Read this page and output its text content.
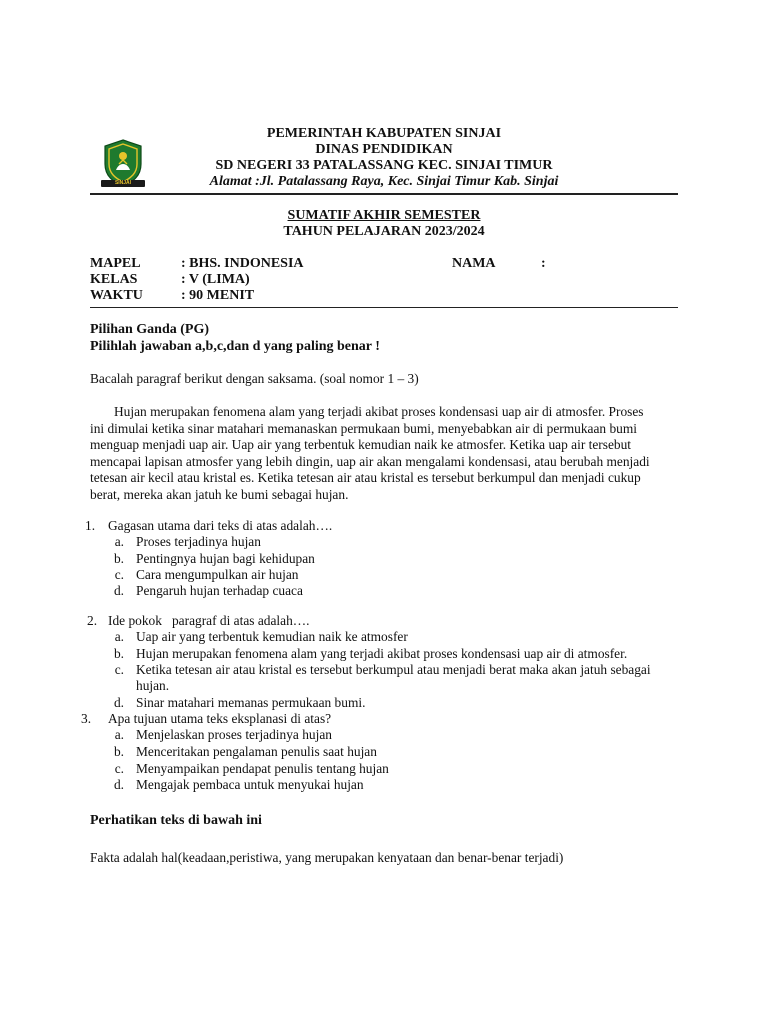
SINJAI
PEMERINTAH KABUPATEN SINJAI
DINAS PENDIDIKAN
SD NEGERI 33 PATALASSANG KEC. SINJAI TIMUR
Alamat :Jl. Patalassang Raya, Kec. Sinjai Timur Kab. Sinjai
SUMATIF AKHIR SEMESTER
TAHUN PELAJARAN 2023/2024
MAPEL	: BHS. INDONESIA	NAMA	:
KELAS	: V (LIMA)
WAKTU	: 90 MENIT
Pilihan Ganda (PG)
Pilihlah jawaban a,b,c,dan d yang paling benar !
Bacalah paragraf berikut dengan saksama. (soal nomor 1 – 3)
Hujan merupakan fenomena alam yang terjadi akibat proses kondensasi uap air di atmosfer. Proses
ini dimulai ketika sinar matahari memanaskan permukaan bumi, menyebabkan air di permukaan bumi
menguap menjadi uap air. Uap air yang terbentuk kemudian naik ke atmosfer. Ketika uap air tersebut
mencapai lapisan atmosfer yang lebih dingin, uap air akan mengalami kondensasi, atau berubah menjadi
tetesan air kecil atau kristal es. Ketika tetesan air atau kristal es tersebut berkumpul dan menjadi cukup
berat, mereka akan jatuh ke bumi sebagai hujan.
1. Gagasan utama dari teks di atas adalah….
a. Proses terjadinya hujan
b. Pentingnya hujan bagi kehidupan
c. Cara mengumpulkan air hujan
d. Pengaruh hujan terhadap cuaca
2. Ide pokok   paragraf di atas adalah….
a. Uap air yang terbentuk kemudian naik ke atmosfer
b. Hujan merupakan fenomena alam yang terjadi akibat proses kondensasi uap air di atmosfer.
c. Ketika tetesan air atau kristal es tersebut berkumpul atau menjadi berat maka akan jatuh sebagai hujan.
d. Sinar matahari memanas permukaan bumi.
3. Apa tujuan utama teks eksplanasi di atas?
a. Menjelaskan proses terjadinya hujan
b. Menceritakan pengalaman penulis saat hujan
c. Menyampaikan pendapat penulis tentang hujan
d. Mengajak pembaca untuk menyukai hujan
Perhatikan teks di bawah ini
Fakta adalah hal(keadaan,peristiwa, yang merupakan kenyataan dan benar-benar terjadi)
